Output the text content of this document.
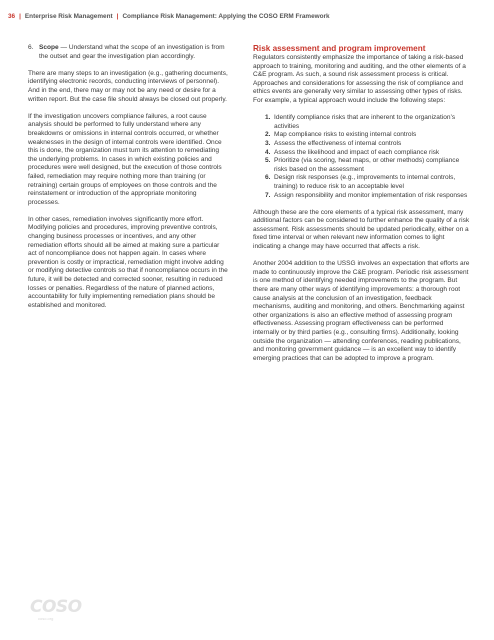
36 | Enterprise Risk Management | Compliance Risk Management: Applying the COSO ERM Framework
6. Scope — Understand what the scope of an investigation is from the outset and gear the investigation plan accordingly.

There are many steps to an investigation (e.g., gathering documents, identifying electronic records, conducting interviews of personnel). And in the end, there may or may not be any need or desire for a written report. But the case file should always be closed out properly.

If the investigation uncovers compliance failures, a root cause analysis should be performed to fully understand where any breakdowns or omissions in internal controls occurred, or whether weaknesses in the design of internal controls were identified. Once this is done, the organization must turn its attention to remediating the underlying problems. In cases in which existing policies and procedures were well designed, but the execution of those controls failed, remediation may require nothing more than training (or retraining) certain groups of employees on those controls and the reinstatement or introduction of the appropriate monitoring processes.

In other cases, remediation involves significantly more effort. Modifying policies and procedures, improving preventive controls, changing business processes or incentives, and any other remediation efforts should all be aimed at making sure a particular act of noncompliance does not happen again. In cases where prevention is costly or impractical, remediation might involve adding or modifying detective controls so that if noncompliance occurs in the future, it will be detected and corrected sooner, resulting in reduced losses or penalties. Regardless of the nature of planned actions, accountability for fully implementing remediation plans should be established and monitored.

Risk assessment and program improvement

Regulators consistently emphasize the importance of taking a risk-based approach to training, monitoring and auditing, and the other elements of a C&E program. As such, a sound risk assessment process is critical. Approaches and considerations for assessing the risk of compliance and ethics events are generally very similar to assessing other types of risks. For example, a typical approach would include the following steps:

1. Identify compliance risks that are inherent to the organization’s activities
2. Map compliance risks to existing internal controls
3. Assess the effectiveness of internal controls
4. Assess the likelihood and impact of each compliance risk
5. Prioritize (via scoring, heat maps, or other methods) compliance risks based on the assessment
6. Design risk responses (e.g., improvements to internal controls, training) to reduce risk to an acceptable level
7. Assign responsibility and monitor implementation of risk responses

Although these are the core elements of a typical risk assessment, many additional factors can be considered to further enhance the quality of a risk assessment. Risk assessments should be updated periodically, either on a fixed time interval or when relevant new information comes to light indicating a change may have occurred that affects a risk.

Another 2004 addition to the USSG involves an expectation that efforts are made to continuously improve the C&E program. Periodic risk assessment is one method of identifying needed improvements to the program. But there are many other ways of identifying improvements: a thorough root cause analysis at the conclusion of an investigation, feedback mechanisms, auditing and monitoring, and others. Benchmarking against other organizations is also an effective method of assessing program effectiveness. Assessing program effectiveness can be performed internally or by third parties (e.g., consulting firms). Additionally, looking outside the organization — attending conferences, reading publications, and monitoring government guidance — is an excellent way to identify emerging practices that can be adopted to improve a program.

COSO
coso.org
